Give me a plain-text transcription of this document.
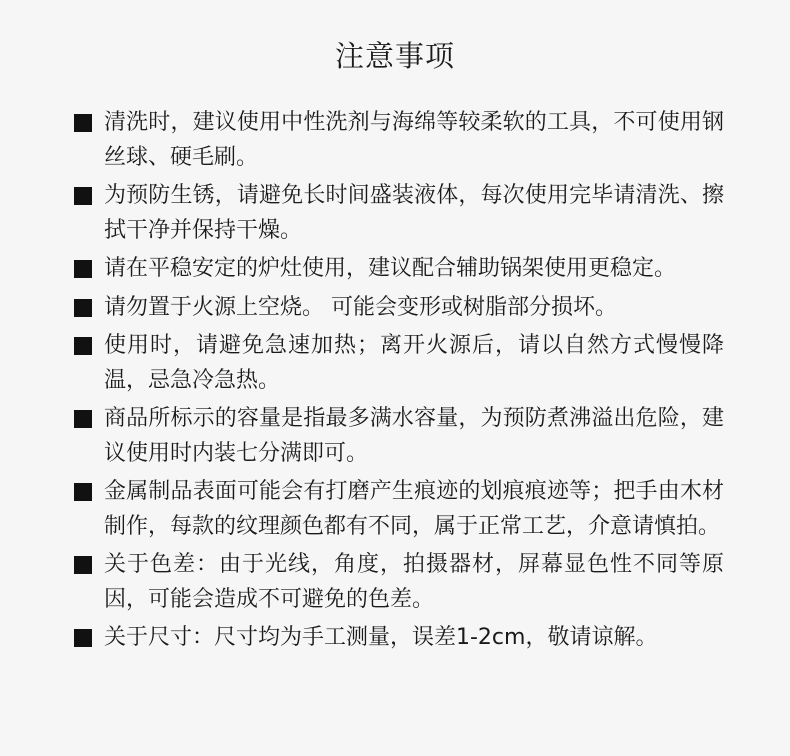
注意事项
清洗时，建议使用中性洗剂与海绵等较柔软的工具，不可使用钢丝球、硬毛刷。
为预防生锈，请避免长时间盛装液体，每次使用完毕请清洗、擦拭干净并保持干燥。
请在平稳安定的炉灶使用，建议配合辅助锅架使用更稳定。
请勿置于火源上空烧。 可能会变形或树脂部分损坏。
使用时，请避免急速加热；离开火源后，请以自然方式慢慢降温，忌急冷急热。
商品所标示的容量是指最多满水容量，为预防煮沸溢出危险，建议使用时内装七分满即可。
金属制品表面可能会有打磨产生痕迹的划痕痕迹等；把手由木材制作，每款的纹理颜色都有不同，属于正常工艺，介意请慎拍。
关于色差：由于光线，角度，拍摄器材，屏幕显色性不同等原因，可能会造成不可避免的色差。
关于尺寸：尺寸均为手工测量，误差1-2cm，敬请谅解。
